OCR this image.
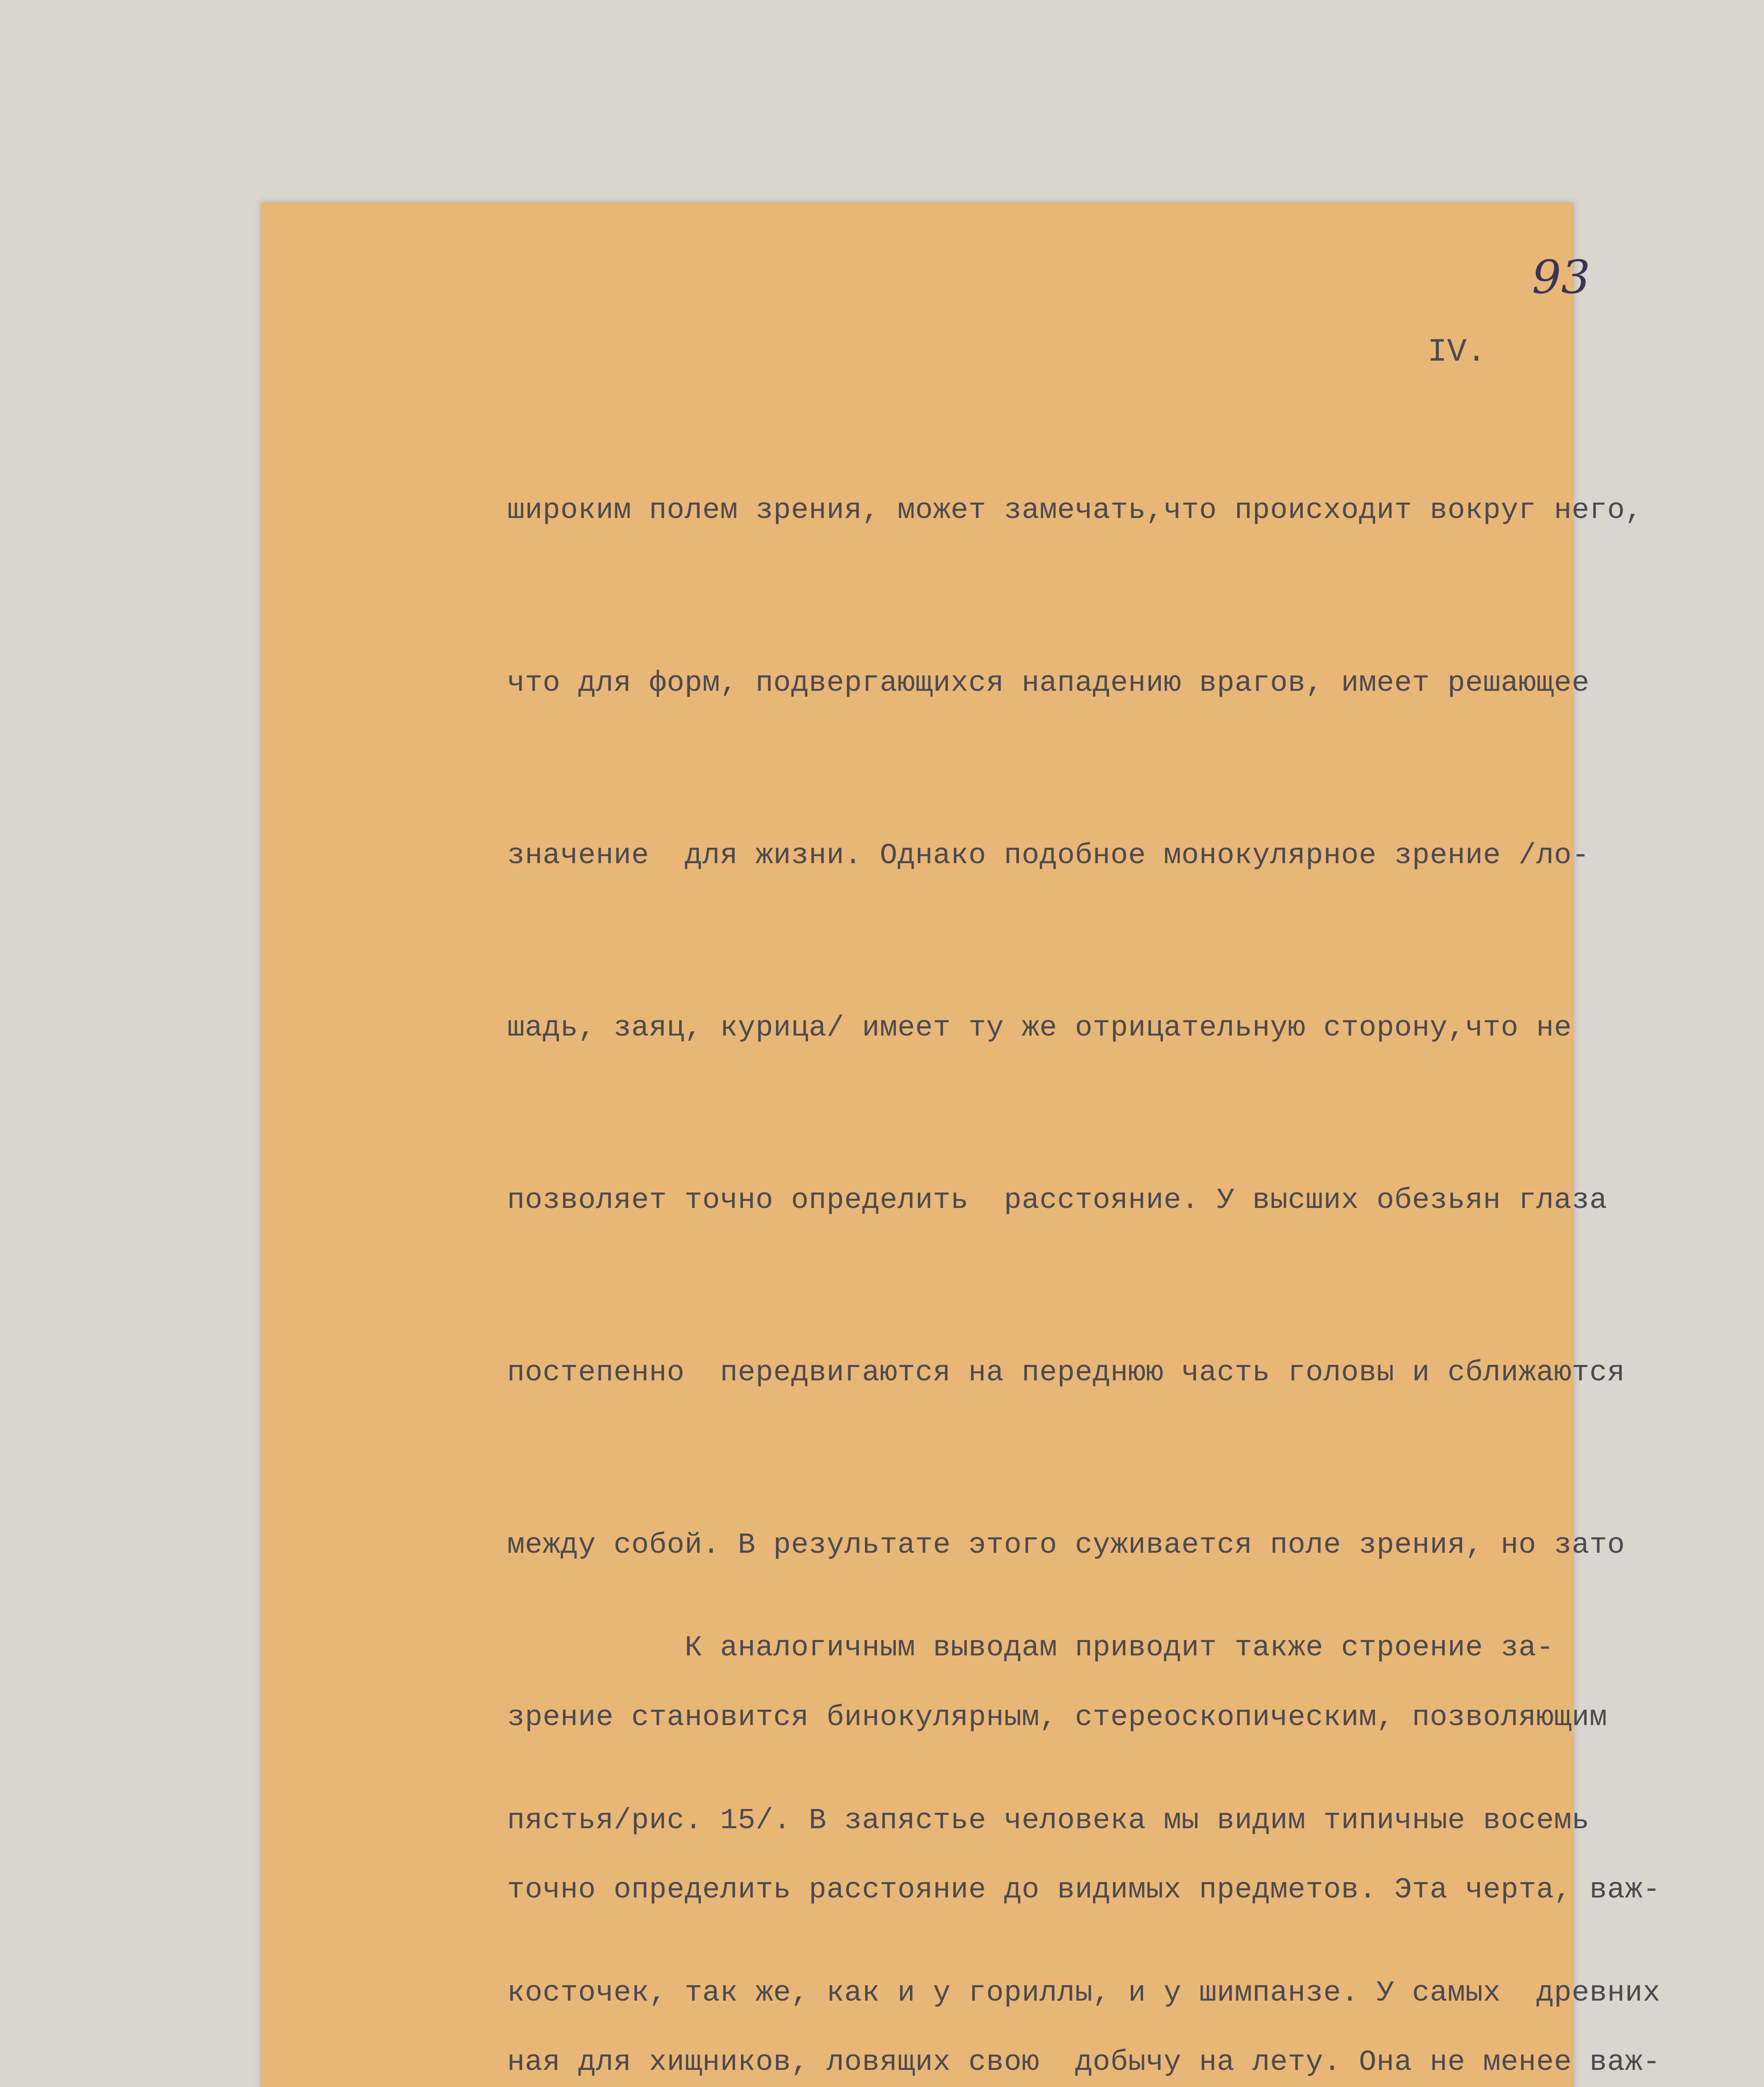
93
IV.

широким полем зрения, может замечать,что происходит вокруг него,

что для форм, подвергающихся нападению врагов, имеет решающее

значение  для жизни. Однако подобное монокулярное зрение /ло-

шадь, заяц, курица/ имеет ту же отрицательную сторону,что не

позволяет точно определить  расстояние. У высших обезьян глаза

постепенно  передвигаются на переднюю часть головы и сближаются

между собой. В результате этого суживается поле зрения, но зато

зрение становится бинокулярным, стереоскопическим, позволяющим

точно определить расстояние до видимых предметов. Эта черта, важ-

ная для хищников, ловящих свою  добычу на лету. Она не менее важ-

К аналогичным выводам приводит также строение за-

пястья/рис. 15/. В запястье человека мы видим типичные восемь

косточек, так же, как и у гориллы, и у шимпанзе. У самых  древних
